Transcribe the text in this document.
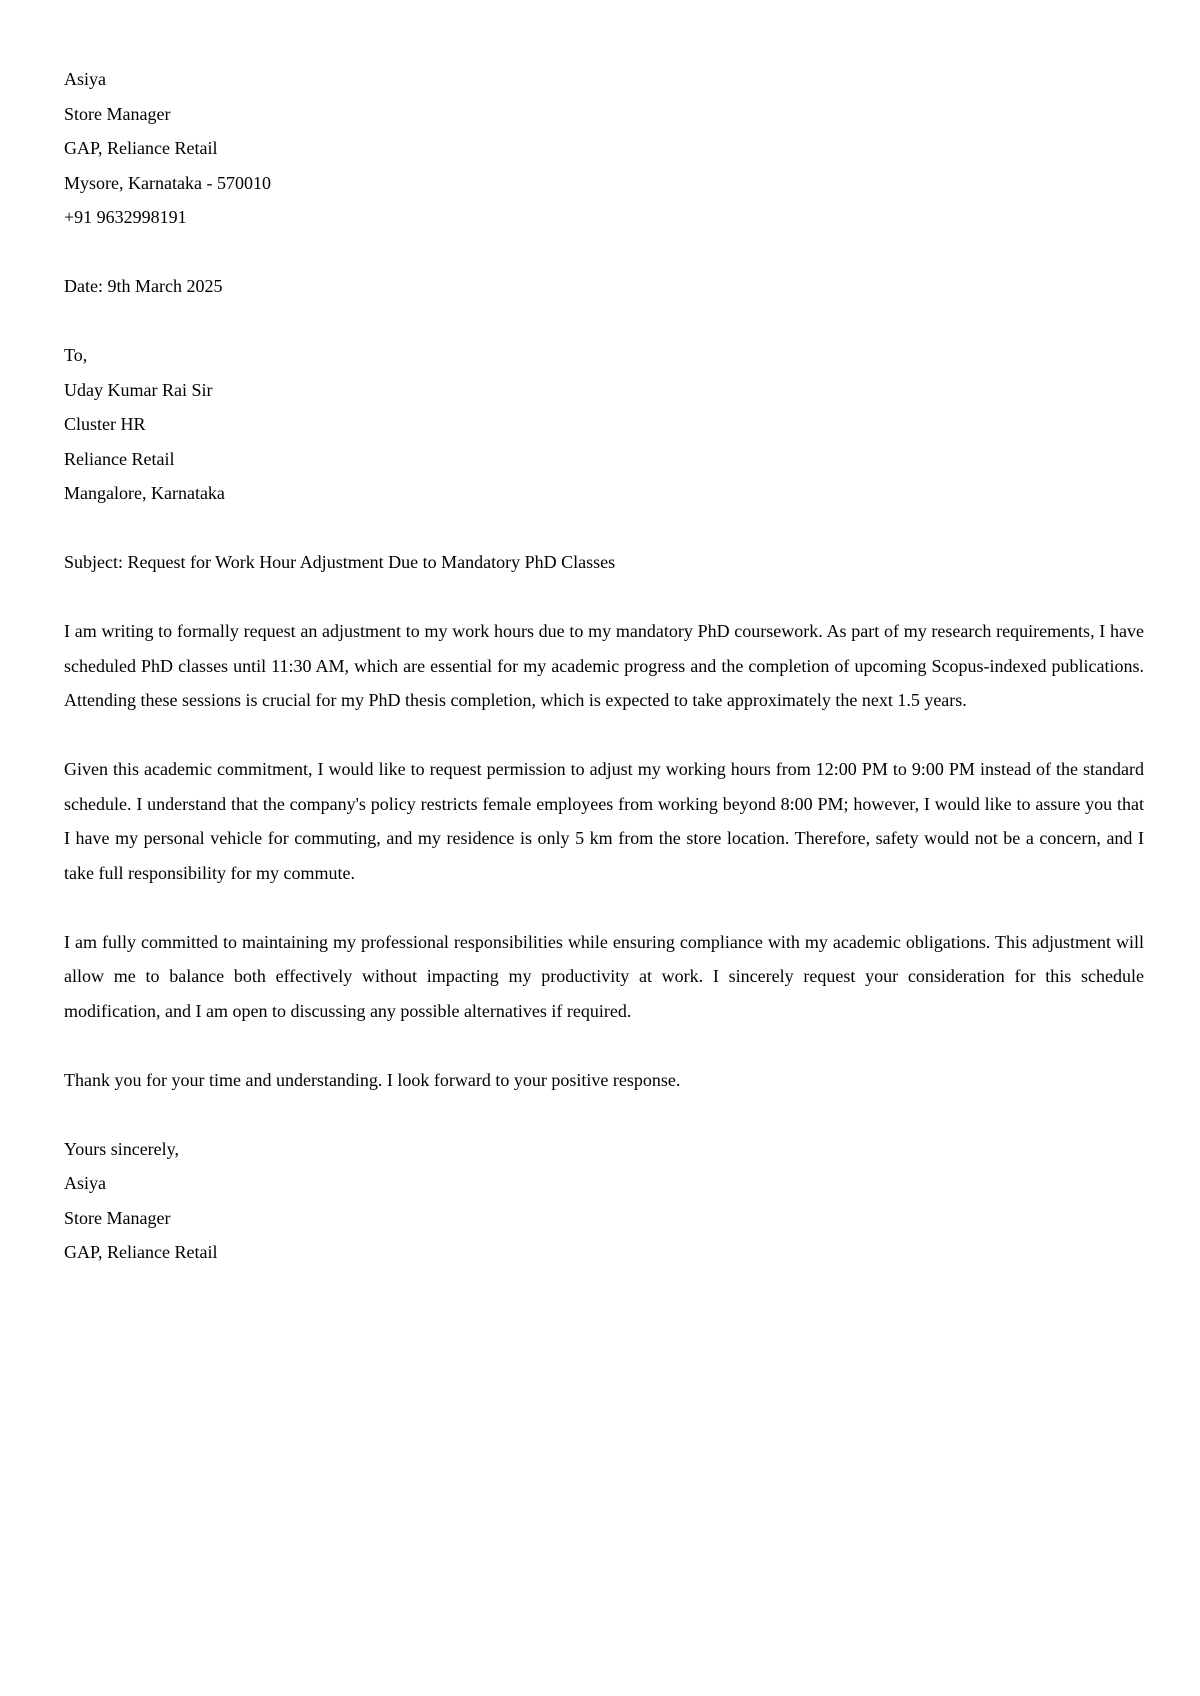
Asiya
Store Manager
GAP, Reliance Retail
Mysore, Karnataka - 570010
+91 9632998191
Date: 9th March 2025
To,
Uday Kumar Rai Sir
Cluster HR
Reliance Retail
Mangalore, Karnataka
Subject: Request for Work Hour Adjustment Due to Mandatory PhD Classes

I am writing to formally request an adjustment to my work hours due to my mandatory PhD coursework. As part of my research requirements, I have scheduled PhD classes until 11:30 AM, which are essential for my academic progress and the completion of upcoming Scopus-indexed publications. Attending these sessions is crucial for my PhD thesis completion, which is expected to take approximately the next 1.5 years.

Given this academic commitment, I would like to request permission to adjust my working hours from 12:00 PM to 9:00 PM instead of the standard schedule. I understand that the company's policy restricts female employees from working beyond 8:00 PM; however, I would like to assure you that I have my personal vehicle for commuting, and my residence is only 5 km from the store location. Therefore, safety would not be a concern, and I take full responsibility for my commute.

I am fully committed to maintaining my professional responsibilities while ensuring compliance with my academic obligations. This adjustment will allow me to balance both effectively without impacting my productivity at work. I sincerely request your consideration for this schedule modification, and I am open to discussing any possible alternatives if required.

Thank you for your time and understanding. I look forward to your positive response.

Yours sincerely,
Asiya
Store Manager
GAP, Reliance Retail
